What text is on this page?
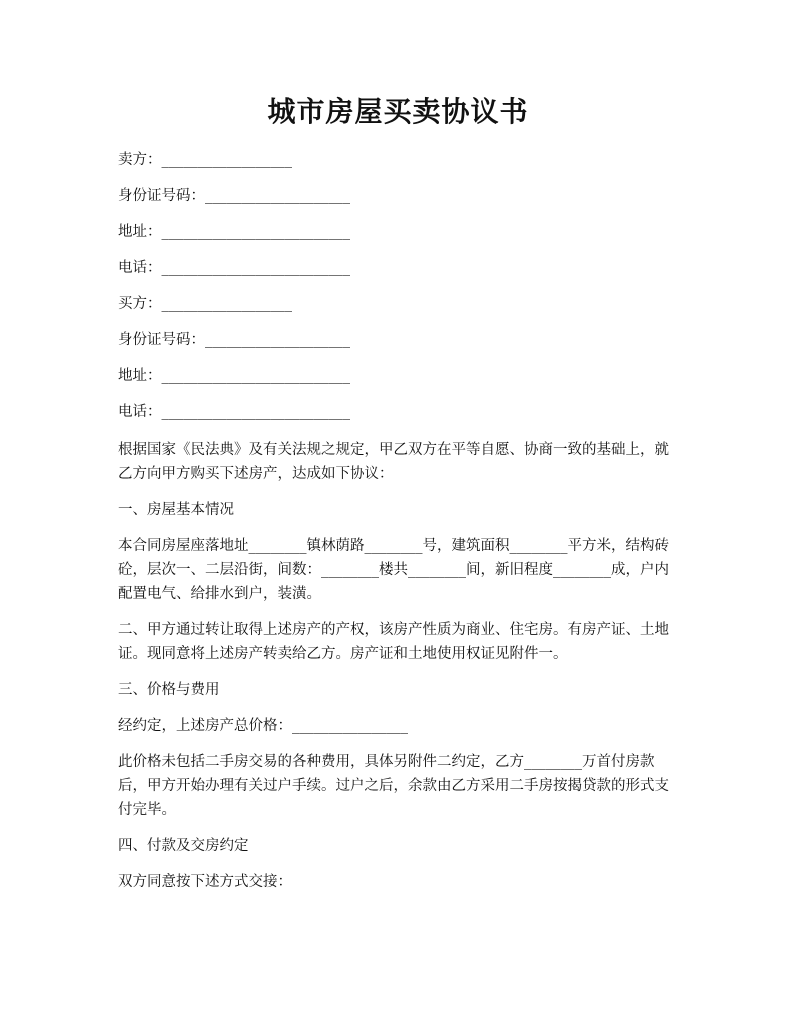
城市房屋买卖协议书
卖方：__________________
身份证号码：____________________
地址：__________________________
电话：__________________________
买方：__________________
身份证号码：____________________
地址：__________________________
电话：__________________________
根据国家《民法典》及有关法规之规定，甲乙双方在平等自愿、协商一致的基础上，就乙方向甲方购买下述房产，达成如下协议：
一、房屋基本情况
本合同房屋座落地址________镇林荫路________号，建筑面积________平方米，结构砖砼，层次一、二层沿街，间数：________楼共________间，新旧程度________成，户内配置电气、给排水到户，装潢。
二、甲方通过转让取得上述房产的产权，该房产性质为商业、住宅房。有房产证、土地证。现同意将上述房产转卖给乙方。房产证和土地使用权证见附件一。
三、价格与费用
经约定，上述房产总价格：________________
此价格未包括二手房交易的各种费用，具体另附件二约定，乙方________万首付房款后，甲方开始办理有关过户手续。过户之后，余款由乙方采用二手房按揭贷款的形式支付完毕。
四、付款及交房约定
双方同意按下述方式交接：
